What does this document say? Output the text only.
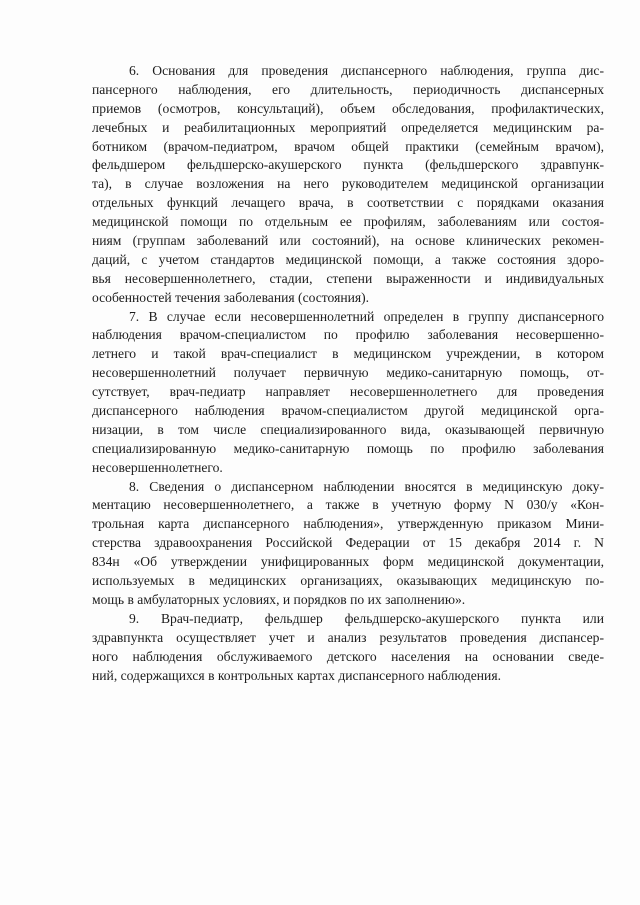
6. Основания для проведения диспансерного наблюдения, группа дис-
пансерного наблюдения, его длительность, периодичность диспансерных
приемов (осмотров, консультаций), объем обследования, профилактических,
лечебных и реабилитационных мероприятий определяется медицинским ра-
ботником (врачом-педиатром, врачом общей практики (семейным врачом),
фельдшером фельдшерско-акушерского пункта (фельдшерского здравпунк-
та), в случае возложения на него руководителем медицинской организации
отдельных функций лечащего врача, в соответствии с порядками оказания
медицинской помощи по отдельным ее профилям, заболеваниям или состоя-
ниям (группам заболеваний или состояний), на основе клинических рекомен-
даций, с учетом стандартов медицинской помощи, а также состояния здоро-
вья несовершеннолетнего, стадии, степени выраженности и индивидуальных
особенностей течения заболевания (состояния).
7. В случае если несовершеннолетний определен в группу диспансерного
наблюдения врачом-специалистом по профилю заболевания несовершенно-
летнего и такой врач-специалист в медицинском учреждении, в котором
несовершеннолетний получает первичную медико-санитарную помощь, от-
сутствует, врач-педиатр направляет несовершеннолетнего для проведения
диспансерного наблюдения врачом-специалистом другой медицинской орга-
низации, в том числе специализированного вида, оказывающей первичную
специализированную медико-санитарную помощь по профилю заболевания
несовершеннолетнего.
8. Сведения о диспансерном наблюдении вносятся в медицинскую доку-
ментацию несовершеннолетнего, а также в учетную форму N 030/у «Кон-
трольная карта диспансерного наблюдения», утвержденную приказом Мини-
стерства здравоохранения Российской Федерации от 15 декабря 2014 г. N
834н «Об утверждении унифицированных форм медицинской документации,
используемых в медицинских организациях, оказывающих медицинскую по-
мощь в амбулаторных условиях, и порядков по их заполнению».
9. Врач-педиатр, фельдшер фельдшерско-акушерского пункта или
здравпункта осуществляет учет и анализ результатов проведения диспансер-
ного наблюдения обслуживаемого детского населения на основании сведе-
ний, содержащихся в контрольных картах диспансерного наблюдения.
